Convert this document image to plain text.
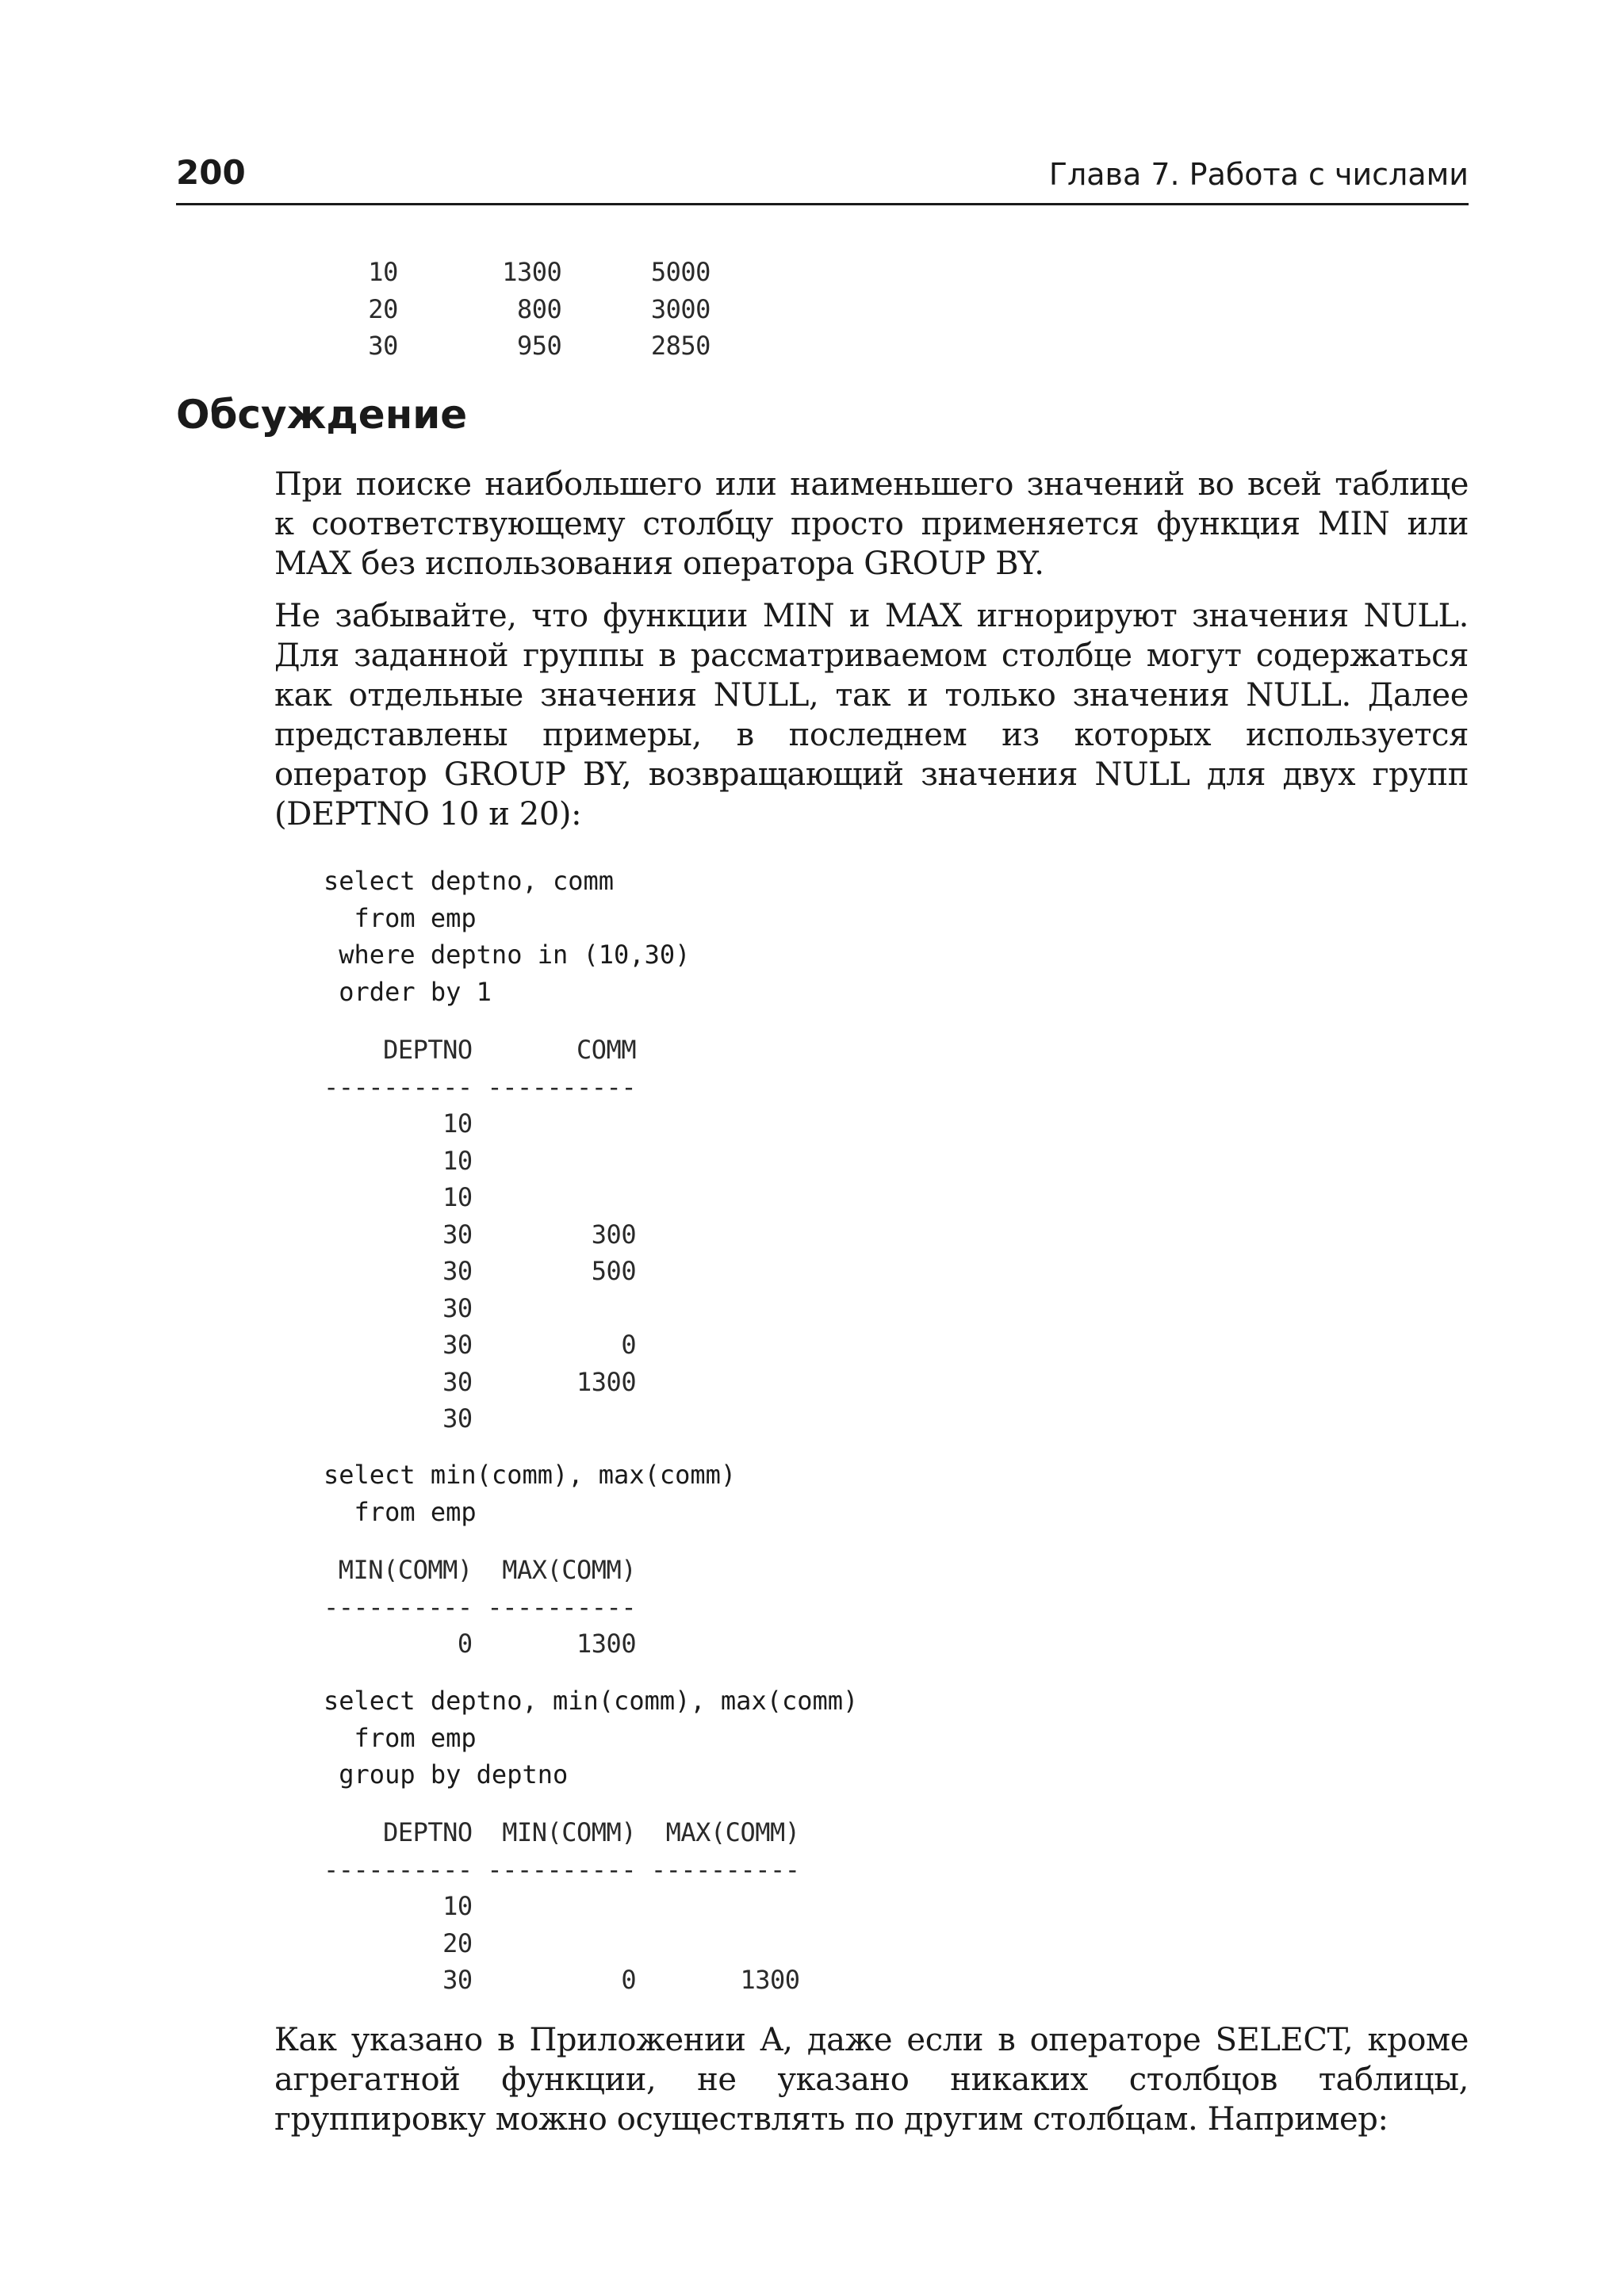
200	Глава 7. Работа с числами
10       1300      5000
20        800      3000
30        950      2850
Обсуждение

При поиске наибольшего или наименьшего значений во всей таблице к соответствующему столбцу просто применяется функция MIN или MAX без использования оператора GROUP BY.

Не забывайте, что функции MIN и MAX игнорируют значения NULL. Для заданной группы в рассматриваемом столбце могут содержаться как отдельные значения NULL, так и только значения NULL. Далее представлены примеры, в последнем из которых используется оператор GROUP BY, возвращающий значения NULL для двух групп (DEPTNO 10 и 20):

select deptno, comm
from emp
where deptno in (10,30)
order by 1
DEPTNO       COMM
---------- ----------
10
10
10
30        300
30        500
30
30          0
30       1300
30
select min(comm), max(comm)
from emp
MIN(COMM)  MAX(COMM)
---------- ----------
0       1300
select deptno, min(comm), max(comm)
from emp
group by deptno
DEPTNO  MIN(COMM)  MAX(COMM)
---------- ---------- ----------
10
20
30          0       1300

Как указано в Приложении A, даже если в операторе SELECT, кроме агрегатной функции, не указано никаких столбцов таблицы, группировку можно осуществлять по другим столбцам. Например:
